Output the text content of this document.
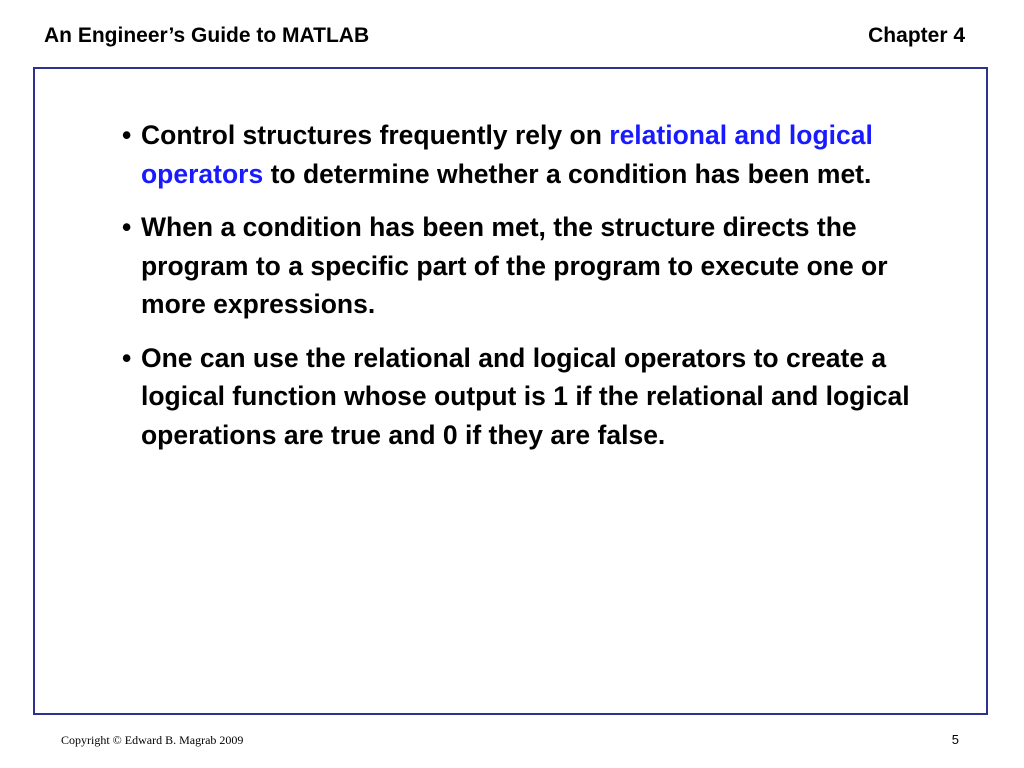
An Engineer’s Guide to MATLAB	Chapter 4
• Control structures frequently rely on relational and logical operators to determine whether a condition has been met.
• When a condition has been met, the structure directs the program to a specific part of the program to execute one or more expressions.
• One can use the relational and logical operators to create a logical function whose output is 1 if the relational and logical operations are true and 0 if they are false.
Copyright © Edward B. Magrab 2009	5
